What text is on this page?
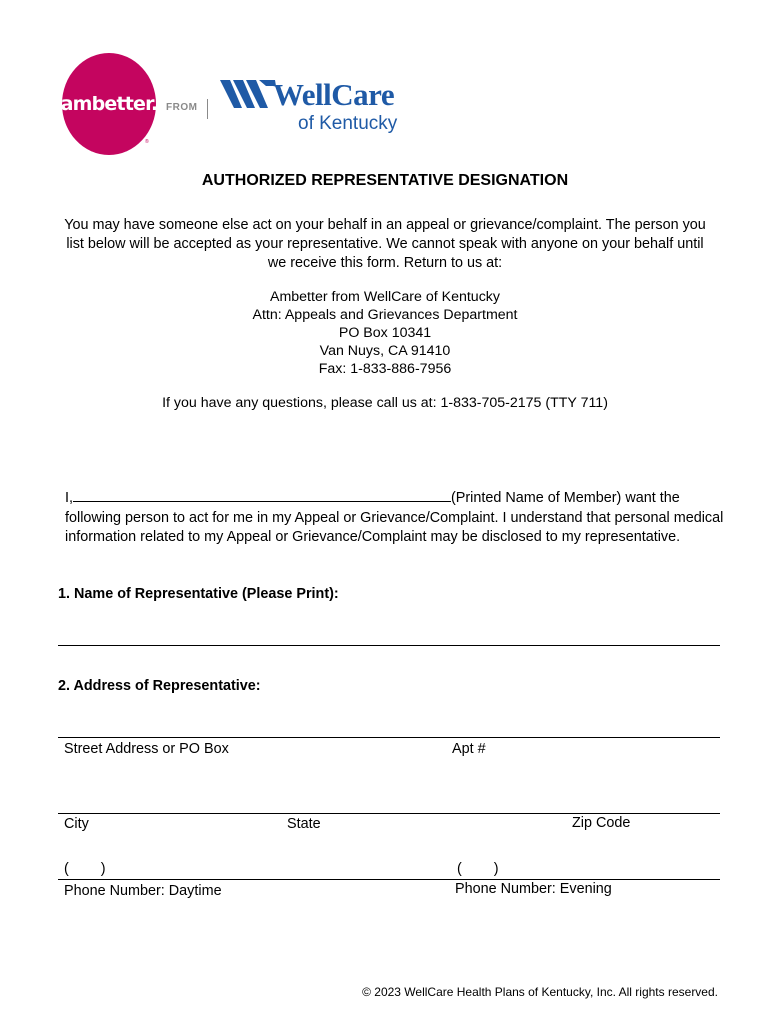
ambetter.
®
FROM WellCare
of Kentucky
AUTHORIZED REPRESENTATIVE DESIGNATION
You may have someone else act on your behalf in an appeal or grievance/complaint. The person you list below will be accepted as your representative. We cannot speak with anyone on your behalf until we receive this form. Return to us at:
Ambetter from WellCare of Kentucky
Attn: Appeals and Grievances Department
PO Box 10341
Van Nuys, CA 91410
Fax: 1-833-886-7956
If you have any questions, please call us at: 1-833-705-2175 (TTY 711)
I,	(Printed Name of Member) want the following person to act for me in my Appeal or Grievance/Complaint. I understand that personal medical information related to my Appeal or Grievance/Complaint may be disclosed to my representative.
1. Name of Representative (Please Print):
2. Address of Representative:
Street Address or PO Box	Apt #
City	State	Zip Code
(        )	(        )
Phone Number: Daytime	Phone Number: Evening
© 2023 WellCare Health Plans of Kentucky, Inc. All rights reserved.
